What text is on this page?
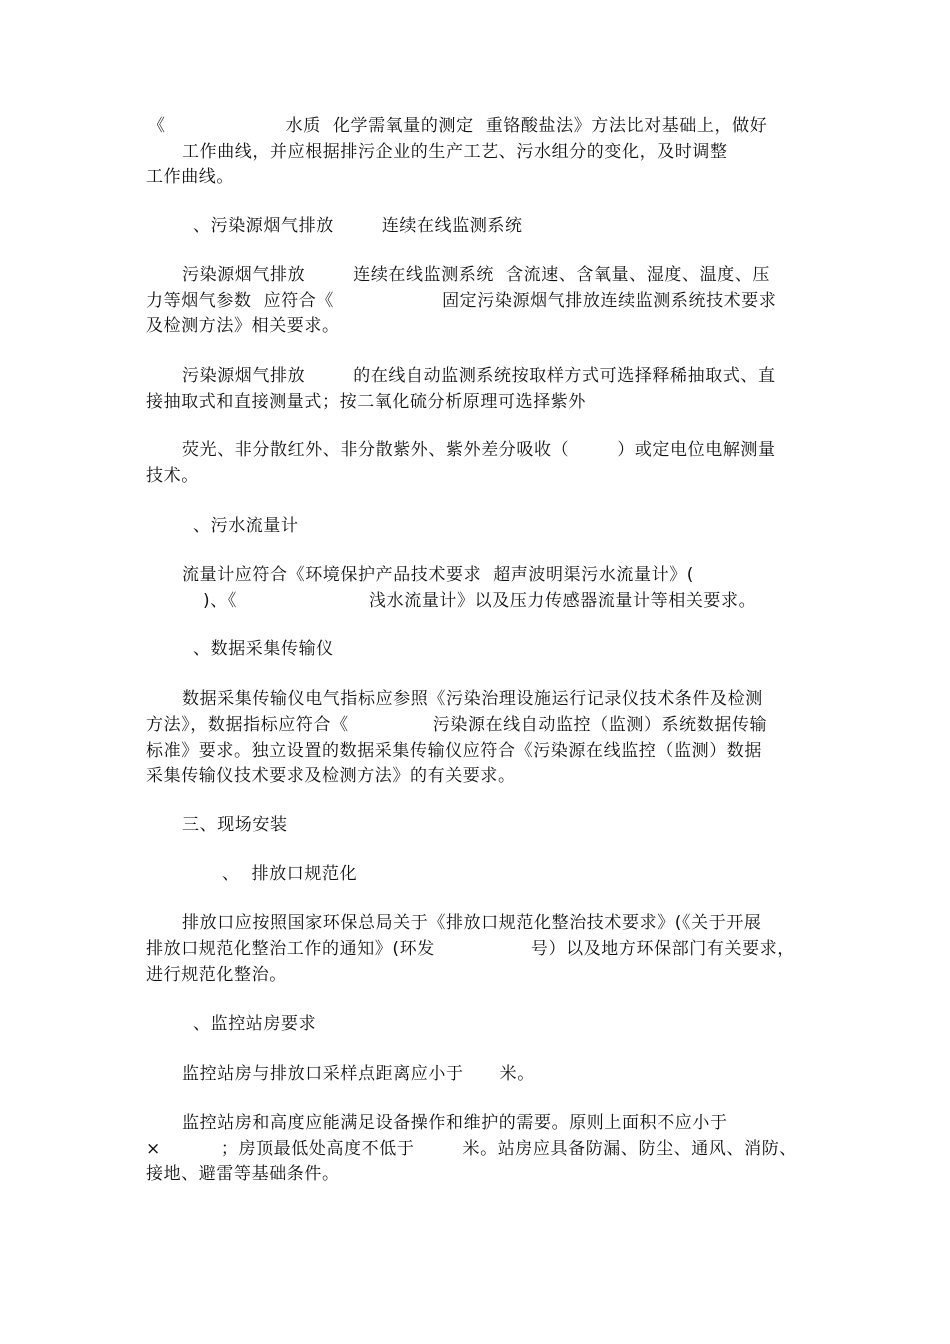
《                    水质  化学需氧量的测定  重铬酸盐法》方法比对基础上，做好
工作曲线，并应根据排污企业的生产工艺、污水组分的变化，及时调整
工作曲线。
、污染源烟气排放        连续在线监测系统
污染源烟气排放        连续在线监测系统  含流速、含氧量、湿度、温度、压
力等烟气参数  应符合《                  固定污染源烟气排放连续监测系统技术要求
及检测方法》相关要求。
污染源烟气排放        的在线自动监测系统按取样方式可选择释稀抽取式、直
接抽取式和直接测量式；按二氧化硫分析原理可选择紫外
荧光、非分散红外、非分散紫外、紫外差分吸收（        ）或定电位电解测量
技术。
、污水流量计
流量计应符合《环境保护产品技术要求  超声波明渠污水流量计》(
)、《                      浅水流量计》以及压力传感器流量计等相关要求。
、数据采集传输仪
数据采集传输仪电气指标应参照《污染治理设施运行记录仪技术条件及检测
方法》，数据指标应符合《              污染源在线自动监控（监测）系统数据传输
标准》要求。独立设置的数据采集传输仪应符合《污染源在线监控（监测）数据
采集传输仪技术要求及检测方法》的有关要求。
三、现场安装
、  排放口规范化
排放口应按照国家环保总局关于《排放口规范化整治技术要求》(《关于开展
排放口规范化整治工作的通知》(环发                号）以及地方环保部门有关要求，
进行规范化整治。
、监控站房要求
监控站房与排放口采样点距离应小于      米。
监控站房和高度应能满足设备操作和维护的需要。原则上面积不应小于
×          ；房顶最低处高度不低于        米。站房应具备防漏、防尘、通风、消防、
接地、避雷等基础条件。
